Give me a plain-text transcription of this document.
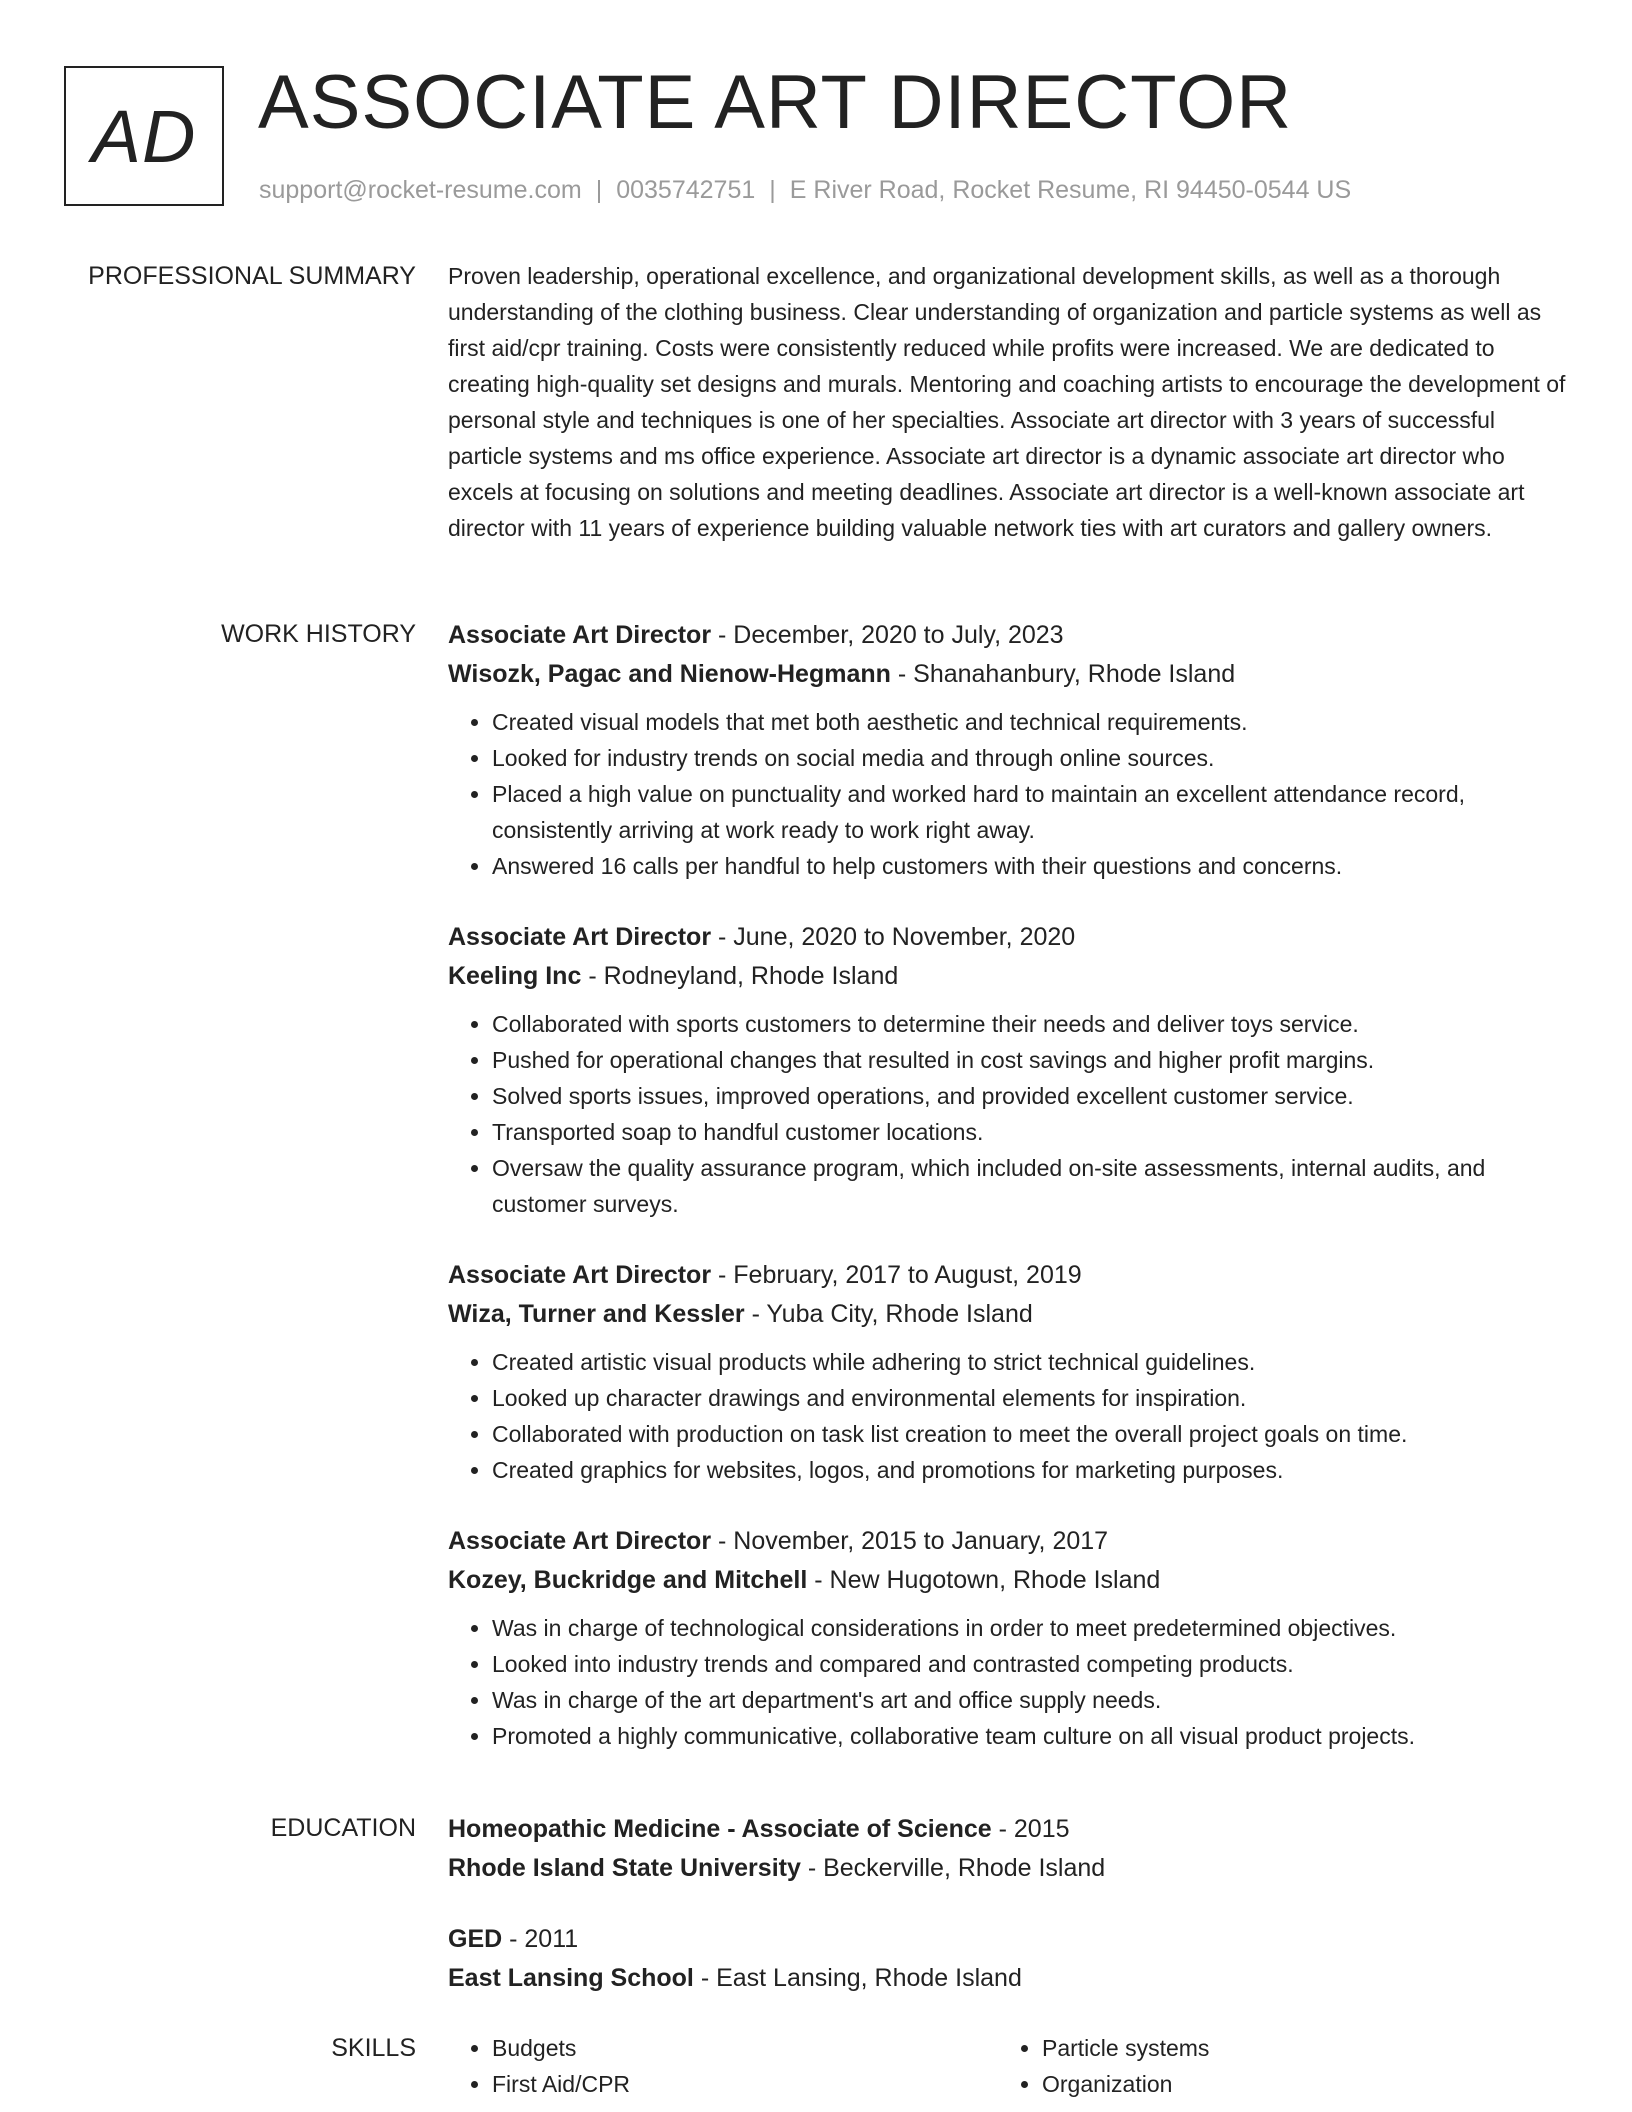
AD ASSOCIATE ART DIRECTOR
support@rocket-resume.com | 0035742751 | E River Road, Rocket Resume, RI 94450-0544 US
PROFESSIONAL SUMMARY Proven leadership, operational excellence, and organizational development skills, as well as a thorough understanding of the clothing business. Clear understanding of organization and particle systems as well as first aid/cpr training. Costs were consistently reduced while profits were increased. We are dedicated to creating high-quality set designs and murals. Mentoring and coaching artists to encourage the development of personal style and techniques is one of her specialties. Associate art director with 3 years of successful particle systems and ms office experience. Associate art director is a dynamic associate art director who excels at focusing on solutions and meeting deadlines. Associate art director is a well-known associate art director with 11 years of experience building valuable network ties with art curators and gallery owners.

WORK HISTORY Associate Art Director - December, 2020 to July, 2023
Wisozk, Pagac and Nienow-Hegmann - Shanahanbury, Rhode Island
• Created visual models that met both aesthetic and technical requirements.
• Looked for industry trends on social media and through online sources.
• Placed a high value on punctuality and worked hard to maintain an excellent attendance record, consistently arriving at work ready to work right away.
• Answered 16 calls per handful to help customers with their questions and concerns.
Associate Art Director - June, 2020 to November, 2020
Keeling Inc - Rodneyland, Rhode Island
• Collaborated with sports customers to determine their needs and deliver toys service.
• Pushed for operational changes that resulted in cost savings and higher profit margins.
• Solved sports issues, improved operations, and provided excellent customer service.
• Transported soap to handful customer locations.
• Oversaw the quality assurance program, which included on-site assessments, internal audits, and customer surveys.
Associate Art Director - February, 2017 to August, 2019
Wiza, Turner and Kessler - Yuba City, Rhode Island
• Created artistic visual products while adhering to strict technical guidelines.
• Looked up character drawings and environmental elements for inspiration.
• Collaborated with production on task list creation to meet the overall project goals on time.
• Created graphics for websites, logos, and promotions for marketing purposes.
Associate Art Director - November, 2015 to January, 2017
Kozey, Buckridge and Mitchell - New Hugotown, Rhode Island
• Was in charge of technological considerations in order to meet predetermined objectives.
• Looked into industry trends and compared and contrasted competing products.
• Was in charge of the art department's art and office supply needs.
• Promoted a highly communicative, collaborative team culture on all visual product projects.
EDUCATION Homeopathic Medicine - Associate of Science - 2015
Rhode Island State University - Beckerville, Rhode Island
GED - 2011
East Lansing School - East Lansing, Rhode Island
SKILLS
•	Budgets
• First Aid/CPR
• Particle systems
• Organization
